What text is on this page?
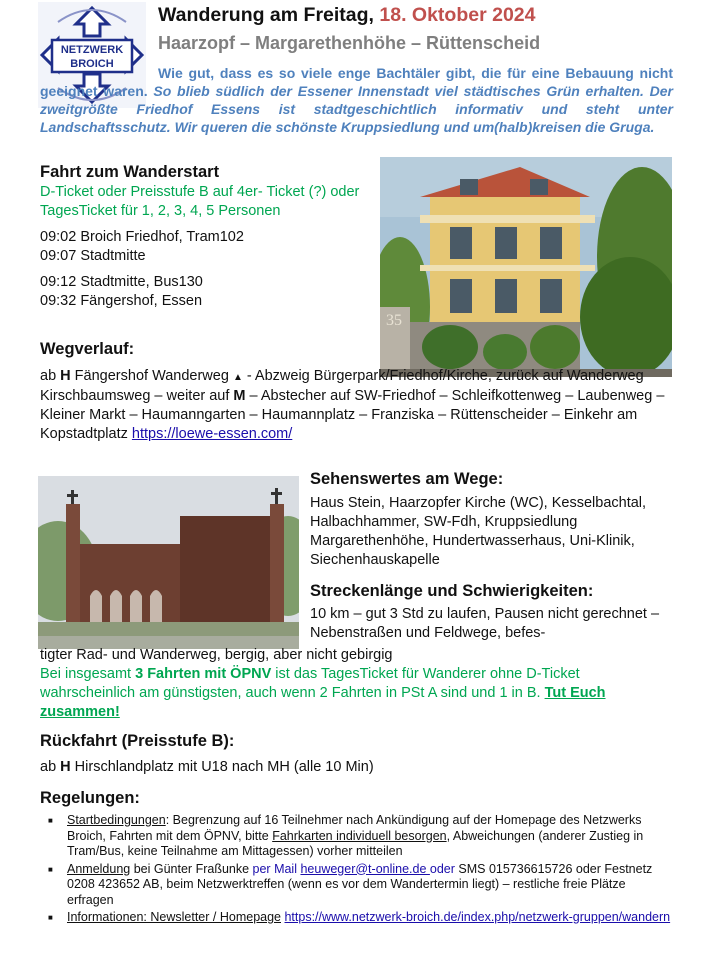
NETZWERK
BROICH
Wanderung am Freitag, 18. Oktober 2024
Haarzopf – Margarethenhöhe – Rüttenscheid
Wie gut, dass es so viele enge Bachtäler gibt, die für eine Bebauung nicht geeignet waren. So blieb südlich der Essener Innenstadt viel städtisches Grün erhalten. Der zweitgrößte Friedhof Essens ist stadtgeschichtlich informativ und steht unter Landschaftsschutz. Wir queren die schönste Kruppsiedlung und um(halb)kreisen die Gruga.
35
Fahrt zum Wanderstart
D-Ticket oder Preisstufe B auf 4er- Ticket (?) oder TagesTicket für 1, 2, 3, 4, 5 Personen
09:02 Broich Friedhof, Tram102
09:07 Stadtmitte
09:12 Stadtmitte, Bus130
09:32 Fängershof, Essen
Wegverlauf:
ab H Fängershof Wanderweg ▲ - Abzweig Bürgerpark/Friedhof/Kirche, zurück auf Wanderweg Kirschbaumsweg – weiter auf M – Abstecher auf SW-Friedhof – Schleifkottenweg – Laubenweg – Kleiner Markt – Haumanngarten – Haumannplatz – Franziska – Rüttenscheider – Einkehr am Kopstadtplatz https://loewe-essen.com/
Sehenswertes am Wege:
Haus Stein, Haarzopfer Kirche (WC), Kesselbachtal, Halbachhammer, SW-Fdh, Kruppsiedlung Margarethenhöhe, Hundertwasserhaus, Uni-Klinik, Siechenhauskapelle
Streckenlänge und Schwierigkeiten:
10 km – gut 3 Std zu laufen, Pausen nicht gerechnet – Nebenstraßen und Feldwege, befes-
tigter Rad- und Wanderweg, bergig, aber nicht gebirgig
Bei insgesamt 3 Fahrten mit ÖPNV ist das TagesTicket für Wanderer ohne D-Ticket wahrscheinlich am günstigsten, auch wenn 2 Fahrten in PSt A sind und 1 in B. Tut Euch zusammen!
Rückfahrt (Preisstufe B):
ab H Hirschlandplatz mit U18 nach MH (alle 10 Min)
Regelungen:
■ Startbedingungen: Begrenzung auf 16 Teilnehmer nach Ankündigung auf der Homepage des Netzwerks Broich, Fahrten mit dem ÖPNV, bitte Fahrkarten individuell besorgen, Abweichungen (anderer Zustieg in Tram/Bus, keine Teilnahme am Mittagessen) vorher mitteilen
■ Anmeldung bei Günter Fraßunke per Mail heuweger@t-online.de oder SMS 015736615726 oder Festnetz 0208 423652 AB, beim Netzwerktreffen (wenn es vor dem Wandertermin liegt) – restliche freie Plätze erfragen
■ Informationen: Newsletter / Homepage https://www.netzwerk-broich.de/index.php/netzwerk-gruppen/wandern
